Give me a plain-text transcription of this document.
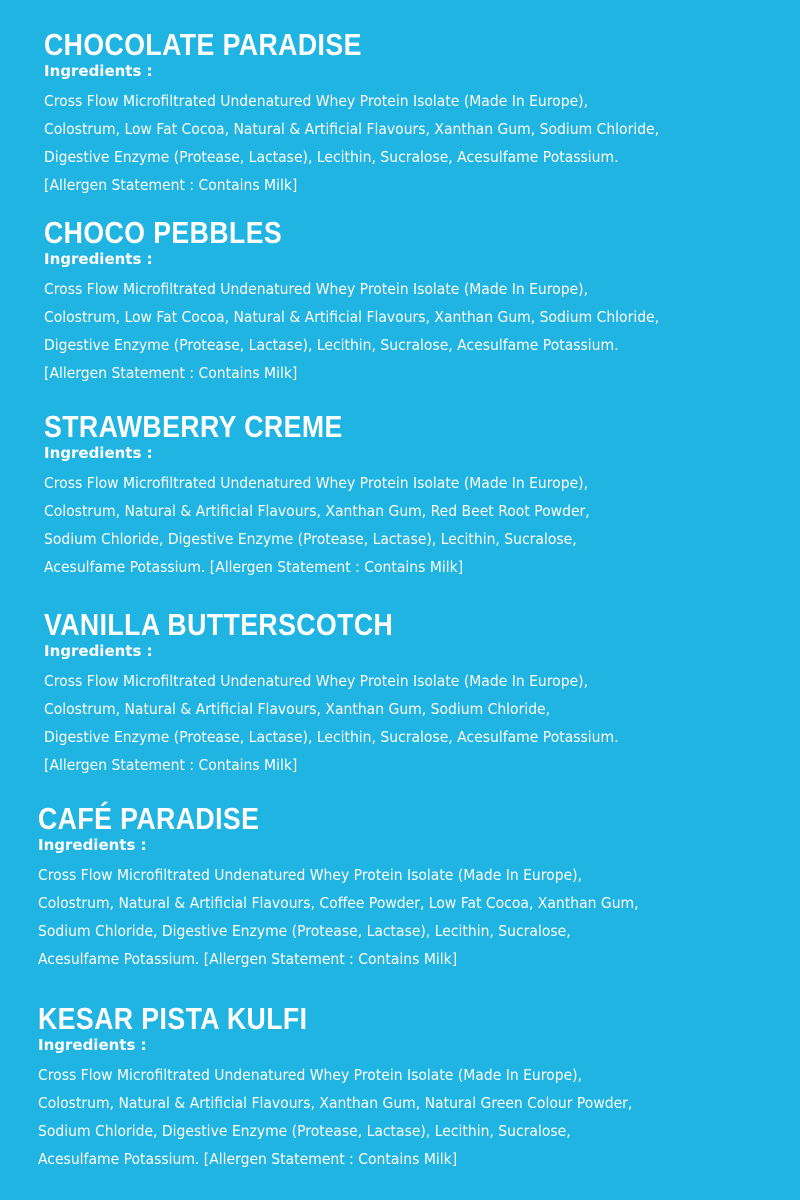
CHOCOLATE PARADISE
Ingredients :
Cross Flow Microfiltrated Undenatured Whey Protein Isolate (Made In Europe),
Colostrum, Low Fat Cocoa, Natural & Artificial Flavours, Xanthan Gum, Sodium Chloride,
Digestive Enzyme (Protease, Lactase), Lecithin, Sucralose, Acesulfame Potassium.
[Allergen Statement : Contains Milk]
CHOCO PEBBLES
Ingredients :
Cross Flow Microfiltrated Undenatured Whey Protein Isolate (Made In Europe),
Colostrum, Low Fat Cocoa, Natural & Artificial Flavours, Xanthan Gum, Sodium Chloride,
Digestive Enzyme (Protease, Lactase), Lecithin, Sucralose, Acesulfame Potassium.
[Allergen Statement : Contains Milk]
STRAWBERRY CREME
Ingredients :
Cross Flow Microfiltrated Undenatured Whey Protein Isolate (Made In Europe),
Colostrum, Natural & Artificial Flavours, Xanthan Gum, Red Beet Root Powder,
Sodium Chloride, Digestive Enzyme (Protease, Lactase), Lecithin, Sucralose,
Acesulfame Potassium. [Allergen Statement : Contains Milk]
VANILLA BUTTERSCOTCH
Ingredients :
Cross Flow Microfiltrated Undenatured Whey Protein Isolate (Made In Europe),
Colostrum, Natural & Artificial Flavours, Xanthan Gum, Sodium Chloride,
Digestive Enzyme (Protease, Lactase), Lecithin, Sucralose, Acesulfame Potassium.
[Allergen Statement : Contains Milk]
CAFÉ PARADISE
Ingredients :
Cross Flow Microfiltrated Undenatured Whey Protein Isolate (Made In Europe),
Colostrum, Natural & Artificial Flavours, Coffee Powder, Low Fat Cocoa, Xanthan Gum,
Sodium Chloride, Digestive Enzyme (Protease, Lactase), Lecithin, Sucralose,
Acesulfame Potassium. [Allergen Statement : Contains Milk]
KESAR PISTA KULFI
Ingredients :
Cross Flow Microfiltrated Undenatured Whey Protein Isolate (Made In Europe),
Colostrum, Natural & Artificial Flavours, Xanthan Gum, Natural Green Colour Powder,
Sodium Chloride, Digestive Enzyme (Protease, Lactase), Lecithin, Sucralose,
Acesulfame Potassium. [Allergen Statement : Contains Milk]
